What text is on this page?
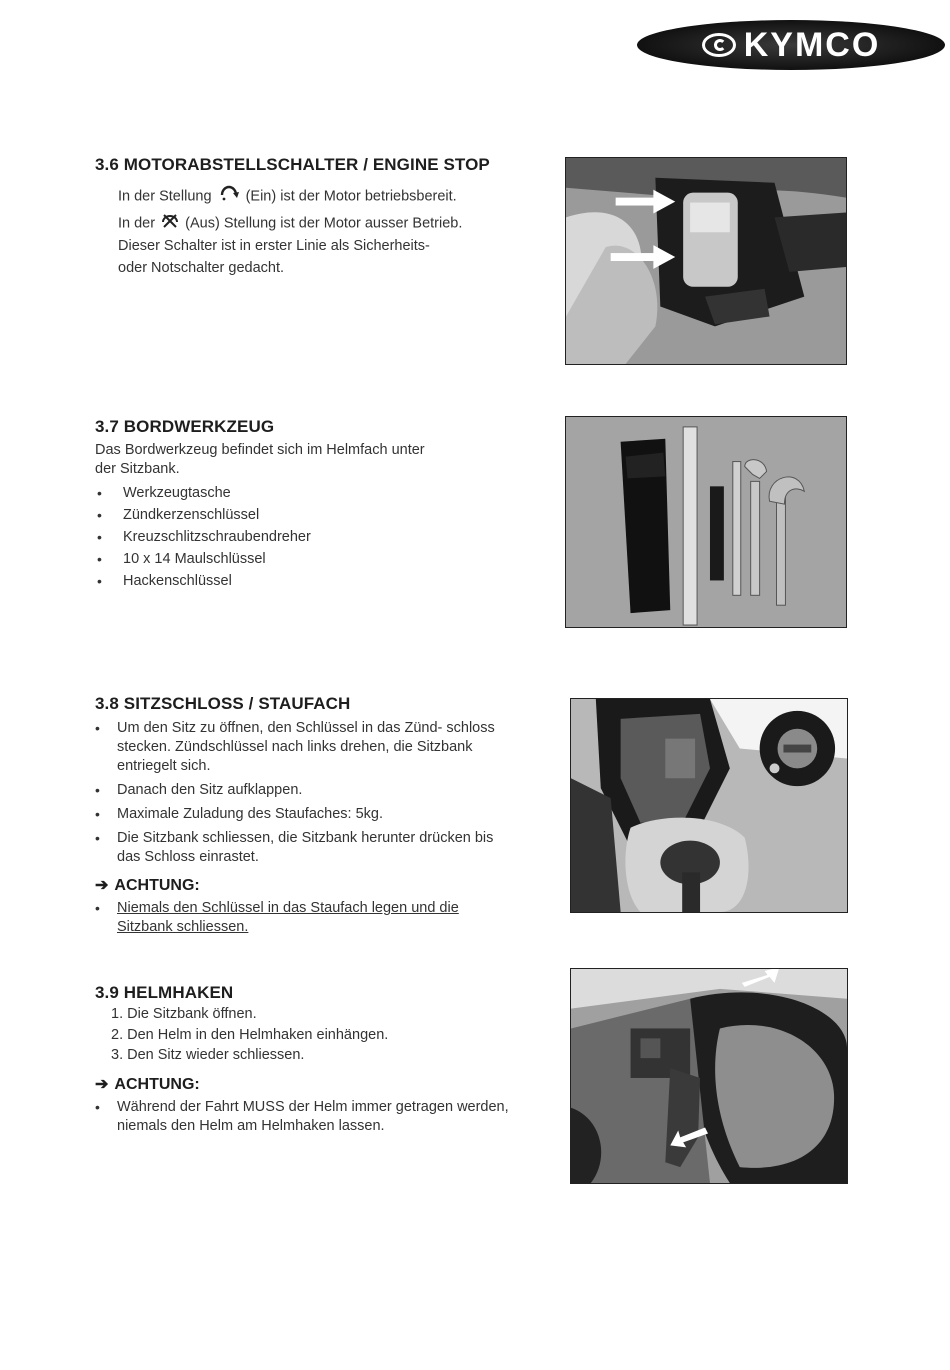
KYMCO
3.6 MOTORABSTELLSCHALTER / ENGINE STOP

In der Stellung (Ein) ist der Motor betriebsbereit.

In der (Aus) Stellung ist der Motor ausser Betrieb.

Dieser Schalter ist in erster Linie als Sicherheits-

oder Notschalter gedacht.

3.7 BORDWERKZEUG

Das Bordwerkzeug befindet sich im Helmfach unter

der Sitzbank.

• Werkzeugtasche
• Zündkerzenschlüssel
• Kreuzschlitzschraubendreher
• 10 x 14 Maulschlüssel
• Hackenschlüssel
3.8 SITZSCHLOSS / STAUFACH
• Um den Sitz zu öffnen, den Schlüssel in das Zünd- schloss stecken. Zündschlüssel nach links drehen, die Sitzbank entriegelt sich.
• Danach den Sitz aufklappen.
• Maximale Zuladung des Staufaches: 5kg.
• Die Sitzbank schliessen, die Sitzbank herunter drücken bis das Schloss einrastet.
➔ ACHTUNG:
• Niemals den Schlüssel in das Staufach legen und die Sitzbank schliessen.
3.9 HELMHAKEN
1. Die Sitzbank öffnen.
2. Den Helm in den Helmhaken einhängen.
3. Den Sitz wieder schliessen.
➔ ACHTUNG:
• Während der Fahrt MUSS der Helm immer getragen werden, niemals den Helm am Helmhaken lassen.
